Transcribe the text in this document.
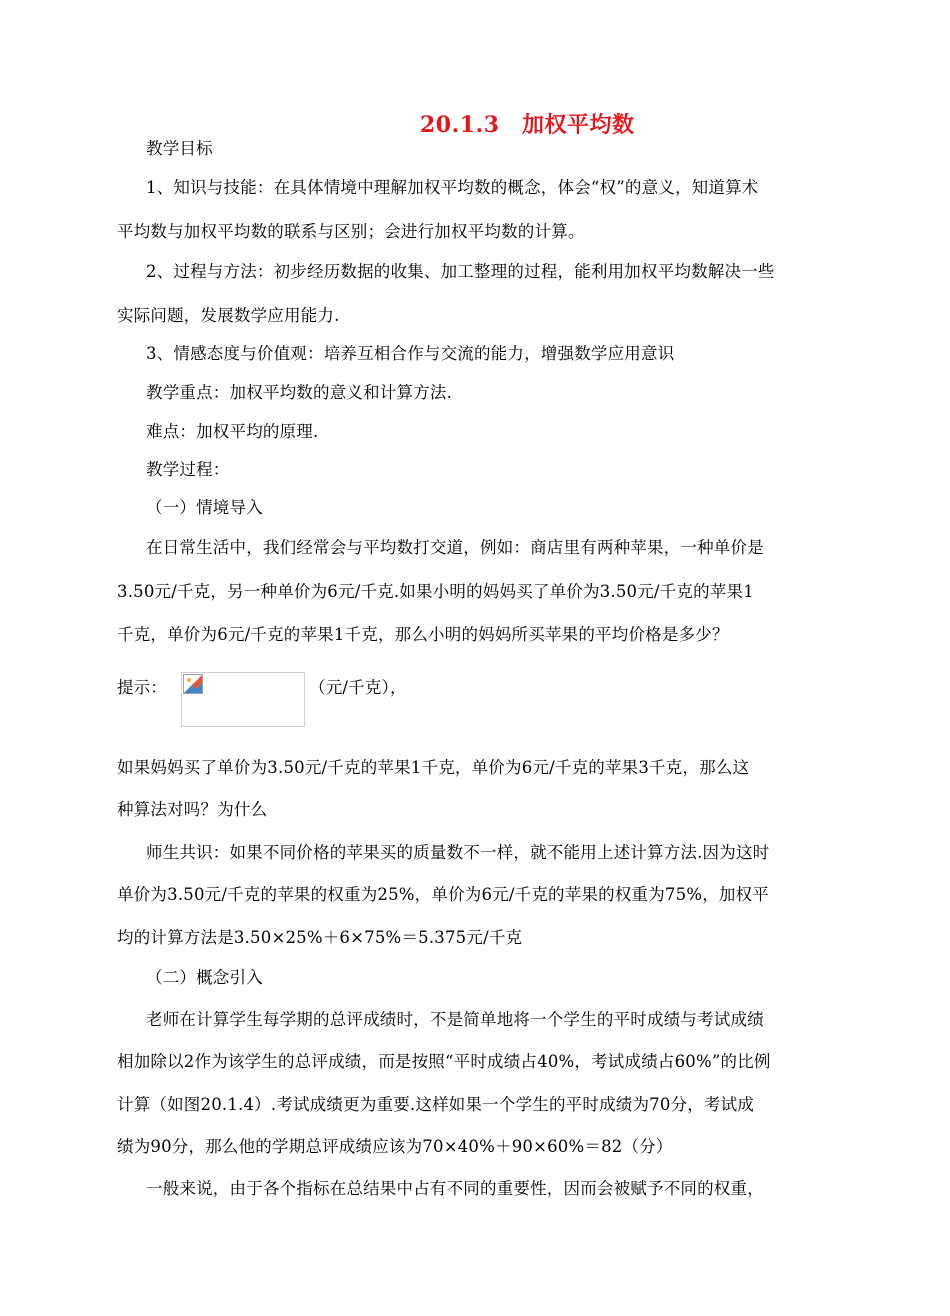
20.1.3　加权平均数
教学目标
1、知识与技能：在具体情境中理解加权平均数的概念，体会“权”的意义，知道算术
平均数与加权平均数的联系与区别；会进行加权平均数的计算。
2、过程与方法：初步经历数据的收集、加工整理的过程，能利用加权平均数解决一些
实际问题，发展数学应用能力.
3、情感态度与价值观：培养互相合作与交流的能力，增强数学应用意识
教学重点：加权平均数的意义和计算方法.
难点：加权平均的原理.
教学过程：
（一）情境导入
在日常生活中，我们经常会与平均数打交道，例如：商店里有两种苹果，一种单价是
3.50元/千克，另一种单价为6元/千克.如果小明的妈妈买了单价为3.50元/千克的苹果1
千克，单价为6元/千克的苹果1千克，那么小明的妈妈所买苹果的平均价格是多少？
提示：	（元/千克），
如果妈妈买了单价为3.50元/千克的苹果1千克，单价为6元/千克的苹果3千克，那么这
种算法对吗？为什么
师生共识：如果不同价格的苹果买的质量数不一样，就不能用上述计算方法.因为这时
单价为3.50元/千克的苹果的权重为25%，单价为6元/千克的苹果的权重为75%，加权平
均的计算方法是3.50×25%＋6×75%＝5.375元/千克
（二）概念引入
老师在计算学生每学期的总评成绩时，不是简单地将一个学生的平时成绩与考试成绩
相加除以2作为该学生的总评成绩，而是按照“平时成绩占40%，考试成绩占60%”的比例
计算（如图20.1.4）.考试成绩更为重要.这样如果一个学生的平时成绩为70分，考试成
绩为90分，那么他的学期总评成绩应该为70×40%＋90×60%＝82（分）
一般来说，由于各个指标在总结果中占有不同的重要性，因而会被赋予不同的权重，
